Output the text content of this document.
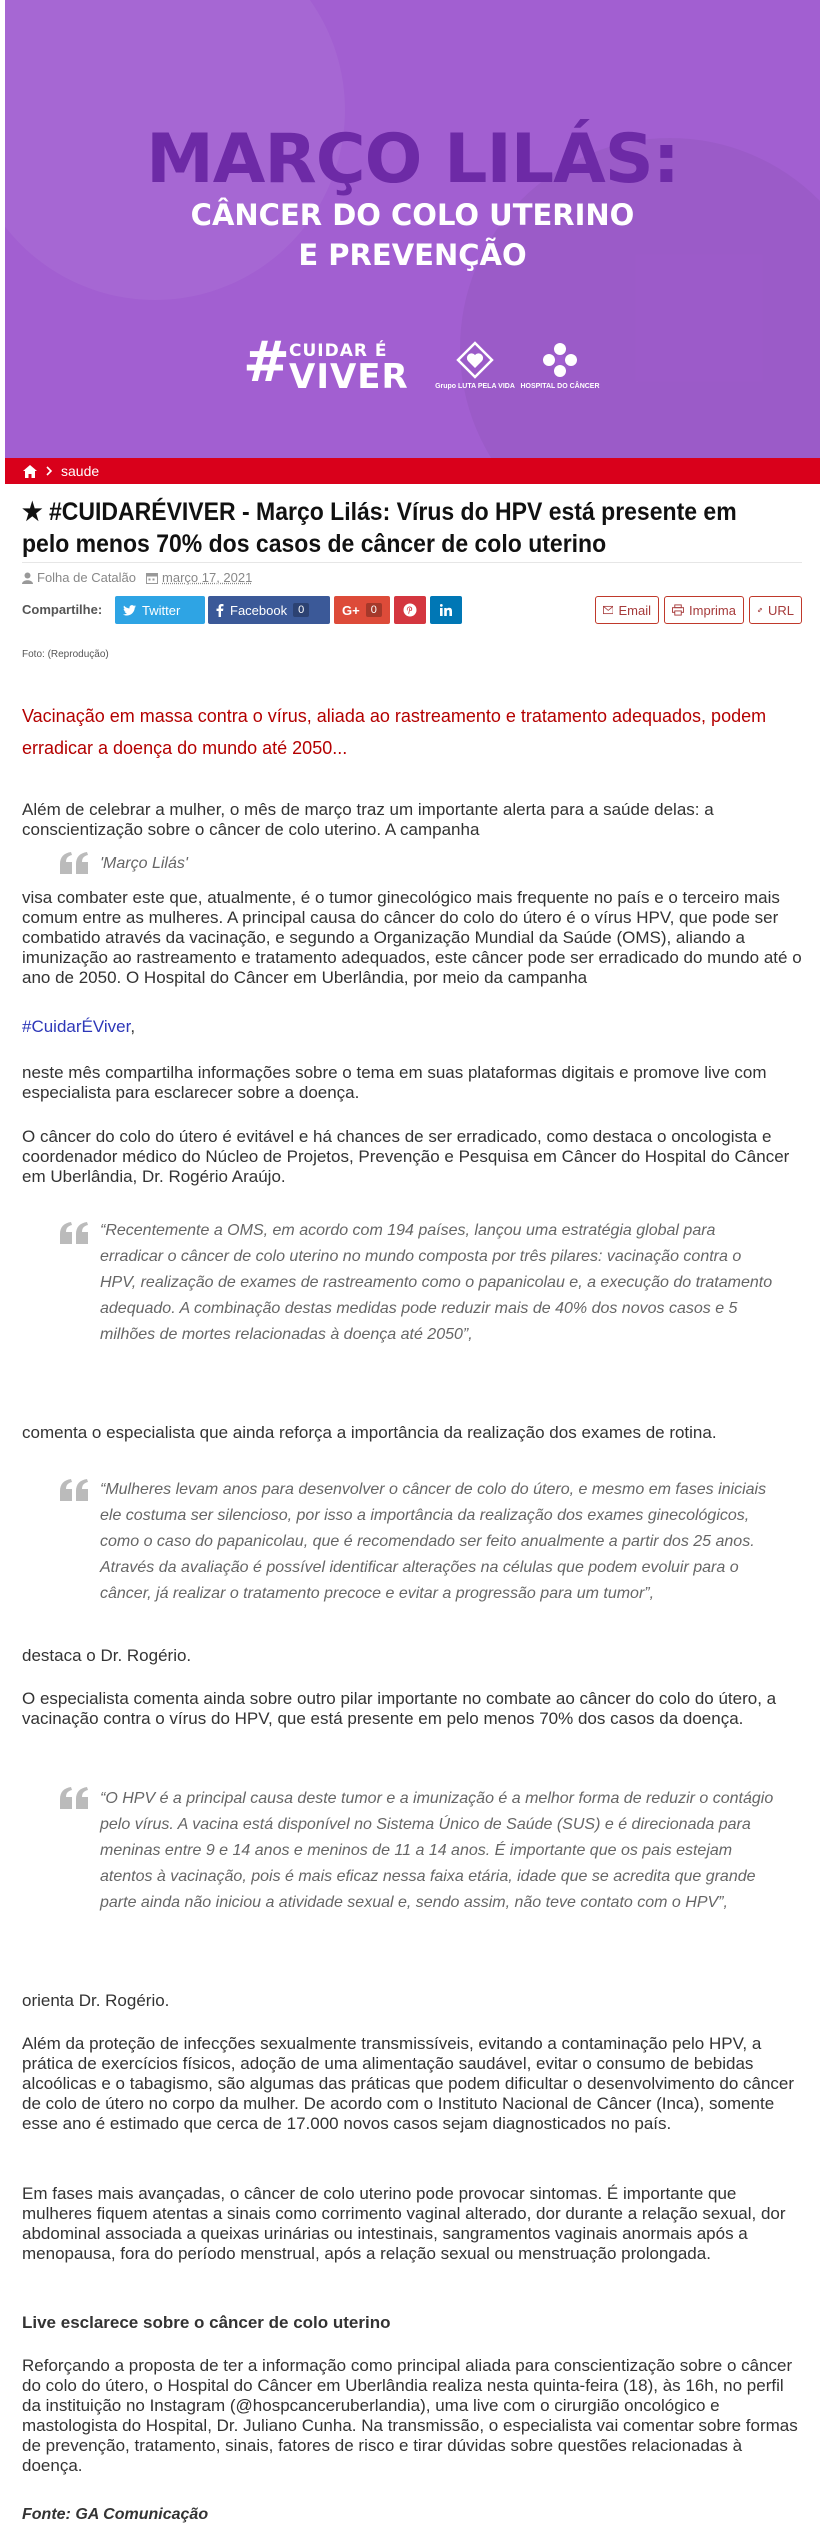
MARÇO LILÁS:
CÂNCER DO COLO UTERINO
E PREVENÇÃO
# CUIDAR É
VIVER	Grupo LUTA PELA VIDA HOSPITAL DO CÂNCER
saude
★ #CUIDARÉVIVER - Março Lilás: Vírus do HPV está presente em pelo menos 70% dos casos de câncer de colo uterino
Folha de Catalão março 17, 2021
Compartilhe:	Twitter	Facebook	0	G+	0	Email	Imprima URL
Foto: (Reprodução)

Vacinação em massa contra o vírus, aliada ao rastreamento e tratamento adequados, podem erradicar a doença do mundo até 2050...

Além de celebrar a mulher, o mês de março traz um importante alerta para a saúde delas: a conscientização sobre o câncer de colo uterino. A campanha

'Março Lilás'

visa combater este que, atualmente, é o tumor ginecológico mais frequente no país e o terceiro mais comum entre as mulheres. A principal causa do câncer do colo do útero é o vírus HPV, que pode ser combatido através da vacinação, e segundo a Organização Mundial da Saúde (OMS), aliando a imunização ao rastreamento e tratamento adequados, este câncer pode ser erradicado do mundo até o ano de 2050. O Hospital do Câncer em Uberlândia, por meio da campanha

#CuidarÉViver,

neste mês compartilha informações sobre o tema em suas plataformas digitais e promove live com especialista para esclarecer sobre a doença.

O câncer do colo do útero é evitável e há chances de ser erradicado, como destaca o oncologista e coordenador médico do Núcleo de Projetos, Prevenção e Pesquisa em Câncer do Hospital do Câncer em Uberlândia, Dr. Rogério Araújo.

“Recentemente a OMS, em acordo com 194 países, lançou uma estratégia global para erradicar o câncer de colo uterino no mundo composta por três pilares: vacinação contra o HPV, realização de exames de rastreamento como o papanicolau e, a execução do tratamento adequado. A combinação destas medidas pode reduzir mais de 40% dos novos casos e 5 milhões de mortes relacionadas à doença até 2050”,

comenta o especialista que ainda reforça a importância da realização dos exames de rotina.

“Mulheres levam anos para desenvolver o câncer de colo do útero, e mesmo em fases iniciais ele costuma ser silencioso, por isso a importância da realização dos exames ginecológicos, como o caso do papanicolau, que é recomendado ser feito anualmente a partir dos 25 anos. Através da avaliação é possível identificar alterações na células que podem evoluir para o câncer, já realizar o tratamento precoce e evitar a progressão para um tumor”,

destaca o Dr. Rogério.

O especialista comenta ainda sobre outro pilar importante no combate ao câncer do colo do útero, a vacinação contra o vírus do HPV, que está presente em pelo menos 70% dos casos da doença.

“O HPV é a principal causa deste tumor e a imunização é a melhor forma de reduzir o contágio pelo vírus. A vacina está disponível no Sistema Único de Saúde (SUS) e é direcionada para meninas entre 9 e 14 anos e meninos de 11 a 14 anos. É importante que os pais estejam atentos à vacinação, pois é mais eficaz nessa faixa etária, idade que se acredita que grande parte ainda não iniciou a atividade sexual e, sendo assim, não teve contato com o HPV”,

orienta Dr. Rogério.

Além da proteção de infecções sexualmente transmissíveis, evitando a contaminação pelo HPV, a prática de exercícios físicos, adoção de uma alimentação saudável, evitar o consumo de bebidas alcoólicas e o tabagismo, são algumas das práticas que podem dificultar o desenvolvimento do câncer de colo de útero no corpo da mulher. De acordo com o Instituto Nacional de Câncer (Inca), somente esse ano é estimado que cerca de 17.000 novos casos sejam diagnosticados no país.

Em fases mais avançadas, o câncer de colo uterino pode provocar sintomas. É importante que mulheres fiquem atentas a sinais como corrimento vaginal alterado, dor durante a relação sexual, dor abdominal associada a queixas urinárias ou intestinais, sangramentos vaginais anormais após a menopausa, fora do período menstrual, após a relação sexual ou menstruação prolongada.

Live esclarece sobre o câncer de colo uterino

Reforçando a proposta de ter a informação como principal aliada para conscientização sobre o câncer do colo do útero, o Hospital do Câncer em Uberlândia realiza nesta quinta-feira (18), às 16h, no perfil da instituição no Instagram (@hospcanceruberlandia), uma live com o cirurgião oncológico e mastologista do Hospital, Dr. Juliano Cunha. Na transmissão, o especialista vai comentar sobre formas de prevenção, tratamento, sinais, fatores de risco e tirar dúvidas sobre questões relacionadas à doença.

Fonte: GA Comunicação
